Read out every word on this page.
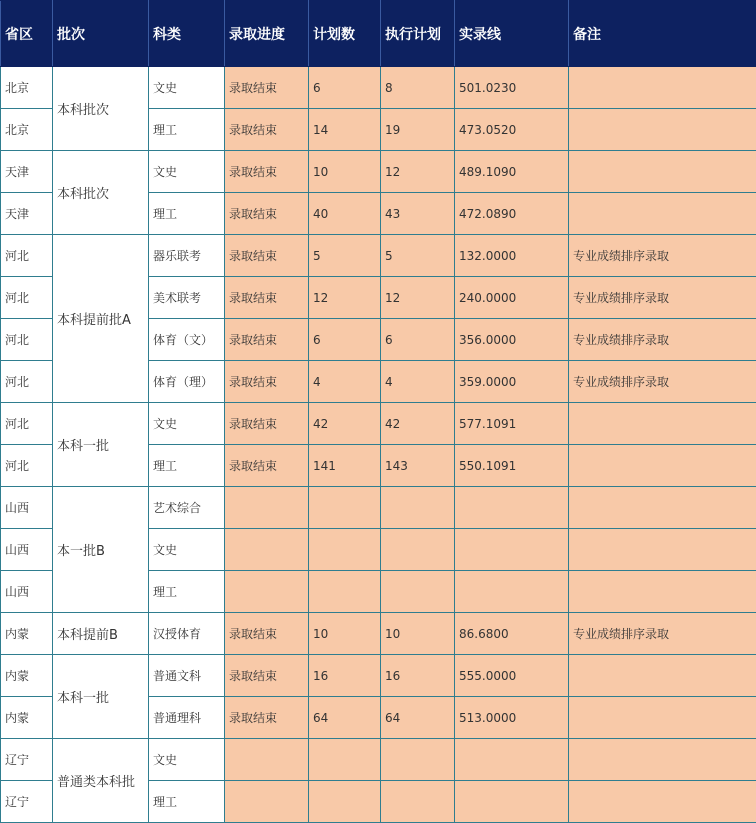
省区	批次	科类	录取进度	计划数	执行计划	实录线	备注
北京	本科批次	文史	录取结束	6	8	501.0230	
北京		理工	录取结束	14	19	473.0520	
天津	本科批次	文史	录取结束	10	12	489.1090	
天津		理工	录取结束	40	43	472.0890	
河北	本科提前批A	器乐联考	录取结束	5	5	132.0000	专业成绩排序录取
河北		美术联考	录取结束	12	12	240.0000	专业成绩排序录取
河北		体育（文）	录取结束	6	6	356.0000	专业成绩排序录取
河北		体育（理）	录取结束	4	4	359.0000	专业成绩排序录取
河北	本科一批	文史	录取结束	42	42	577.1091	
河北		理工	录取结束	141	143	550.1091	
山西	本一批B	艺术综合					
山西		文史					
山西		理工					
内蒙	本科提前B	汉授体育	录取结束	10	10	86.6800	专业成绩排序录取
内蒙	本科一批	普通文科	录取结束	16	16	555.0000	
内蒙		普通理科	录取结束	64	64	513.0000	
辽宁	普通类本科批	文史					
辽宁		理工					
